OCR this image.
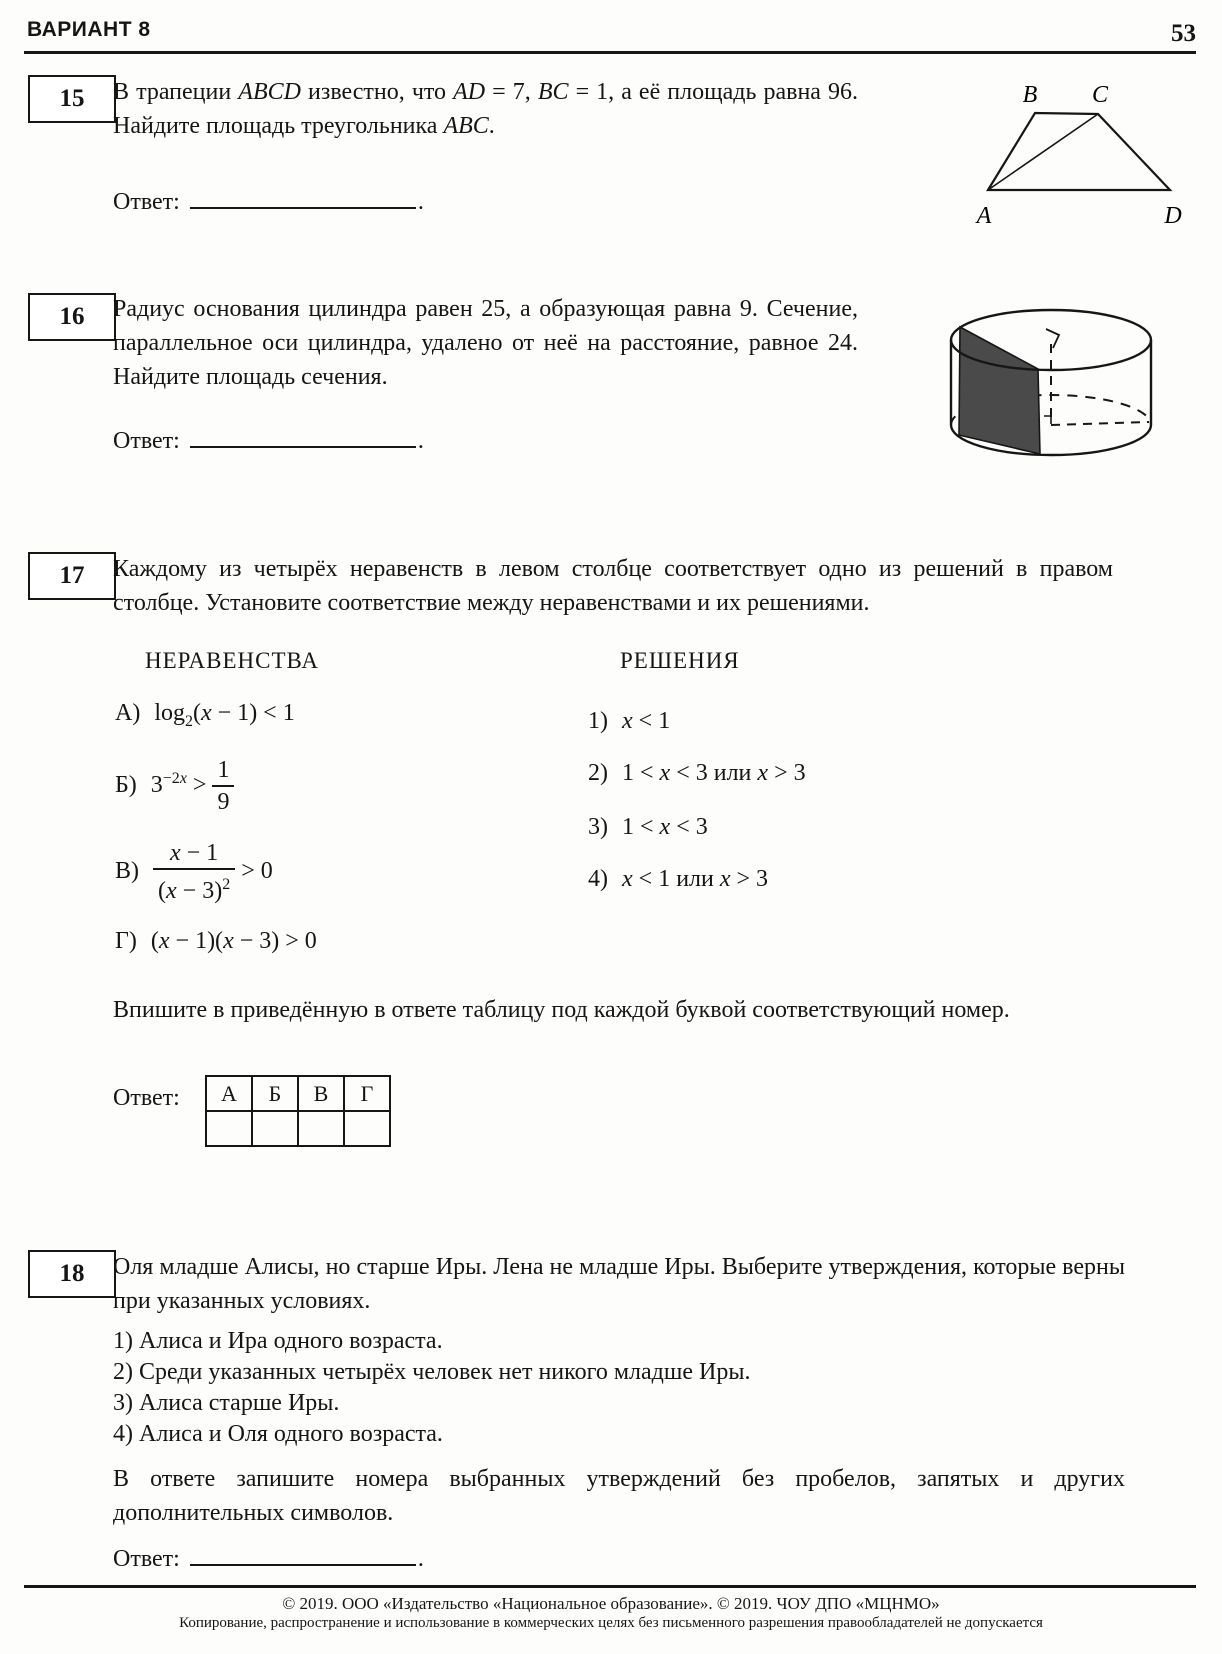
ВАРИАНТ 8	53
15 В трапеции ABCD известно, что AD = 7, BC = 1, а её площадь равна 96. Найдите площадь треугольника ABC.
Ответ:	.
B C
A	D
16 Радиус основания цилиндра равен 25, а образующая равна 9. Сечение, параллельное оси цилиндра, удалено от неё на расстояние, равное 24. Найдите площадь сечения.
Ответ:	.
17 Каждому из четырёх неравенств в левом столбце соответствует одно из решений в правом столбце. Установите соответствие между неравенствами и их решениями.
НЕРАВЕНСТВА	РЕШЕНИЯ
А) $\log_2(x - 1) < 1$
Б) $3^{-2x} > \frac{1}{9}$
$В) \frac{x - 1}{(x - 3)^2} > 0$
Г) (x − 1)(x − 3) > 0
1) x < 1
2) 1 < x < 3 или x > 3
3) 1 < x < 3
4) x < 1 или x > 3
Впишите в приведённую в ответе таблицу под каждой буквой соответствующий номер.
Ответ: А	Б	В	Г

18 Оля младше Алисы, но старше Иры. Лена не младше Иры. Выберите утверждения, которые верны при указанных условиях.
1) Алиса и Ира одного возраста.
2) Среди указанных четырёх человек нет никого младше Иры.
3) Алиса старше Иры.
4) Алиса и Оля одного возраста.
В ответе запишите номера выбранных утверждений без пробелов, запятых и других дополнительных символов.
Ответ:	.
© 2019. ООО «Издательство «Национальное образование». © 2019. ЧОУ ДПО «МЦНМО»
Копирование, распространение и использование в коммерческих целях без письменного разрешения правообладателей не допускается
